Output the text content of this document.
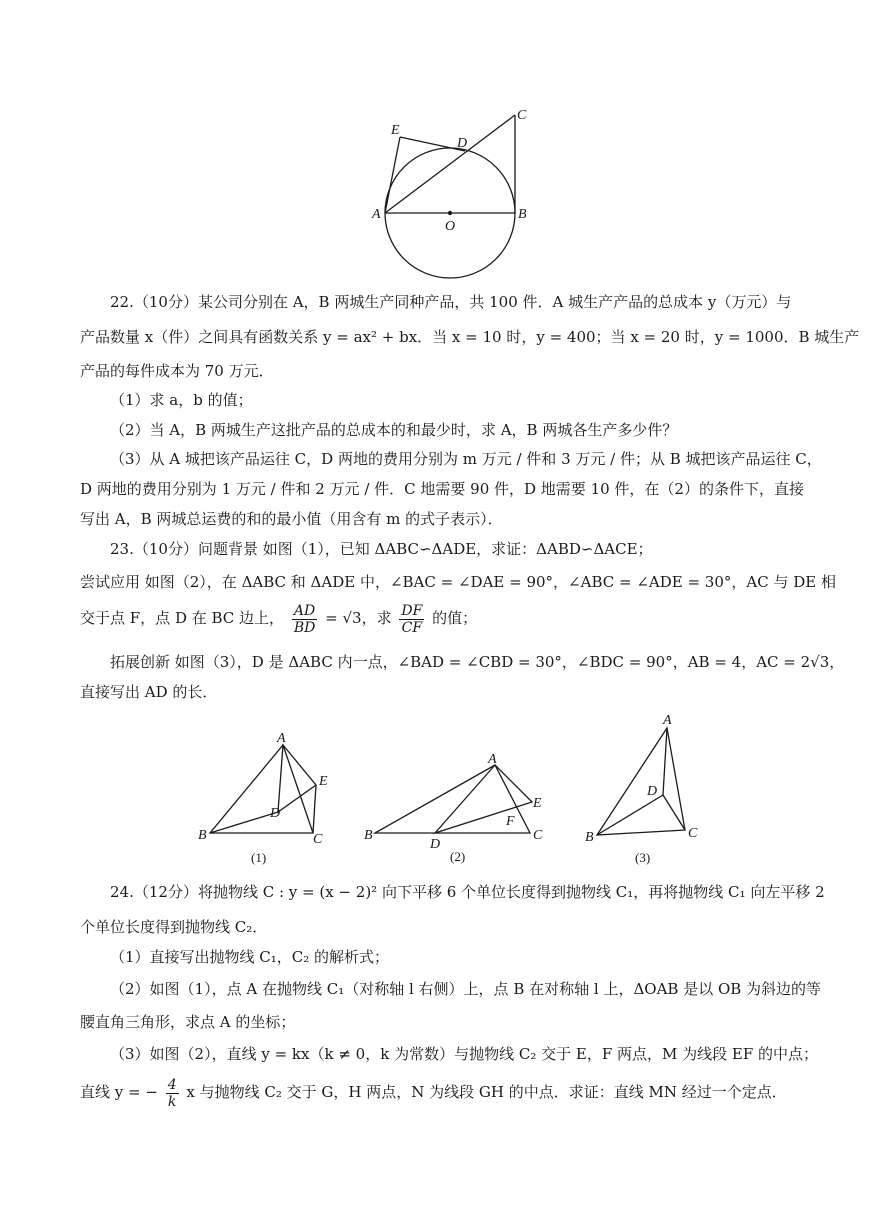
E
D
C
A
O
B
22.（10分）某公司分别在 A，B 两城生产同种产品，共 100 件．A 城生产产品的总成本 y（万元）与
产品数量 x（件）之间具有函数关系 y = ax² + bx．当 x = 10 时，y = 400；当 x = 20 时，y = 1000．B 城生产
产品的每件成本为 70 万元．
（1）求 a，b 的值；
（2）当 A，B 两城生产这批产品的总成本的和最少时，求 A，B 两城各生产多少件？
（3）从 A 城把该产品运往 C，D 两地的费用分别为 m 万元 / 件和 3 万元 / 件；从 B 城把该产品运往 C，
D 两地的费用分别为 1 万元 / 件和 2 万元 / 件．C 地需要 90 件，D 地需要 10 件，在（2）的条件下，直接
写出 A，B 两城总运费的和的最小值（用含有 m 的式子表示）．
23.（10分）问题背景 如图（1），已知 ΔABC∽ΔADE，求证：ΔABD∽ΔACE；
尝试应用 如图（2），在 ΔABC 和 ΔADE 中，∠BAC = ∠DAE = 90°，∠ABC = ∠ADE = 30°，AC 与 DE 相
交于点 F，点 D 在 BC 边上， $\frac{AD}{BD} = √3$，求 $\frac{DF}{CF}$ 的值；
拓展创新 如图（3），D 是 ΔABC 内一点，∠BAD = ∠CBD = 30°，∠BDC = 90°，AB = 4，AC = 2√3，
直接写出 AD 的长．
A
E
D
B	C
(1)
A
E
F
B
D
C
(2)
A
D
B	C
(3)
24.（12分）将抛物线 C : y = (x − 2)² 向下平移 6 个单位长度得到抛物线 C₁，再将抛物线 C₁ 向左平移 2
个单位长度得到抛物线 C₂．
（1）直接写出抛物线 C₁，C₂ 的解析式；
（2）如图（1），点 A 在抛物线 C₁（对称轴 l 右侧）上，点 B 在对称轴 l 上，ΔOAB 是以 OB 为斜边的等
腰直角三角形，求点 A 的坐标；
（3）如图（2），直线 y = kx（k ≠ 0，k 为常数）与抛物线 C₂ 交于 E，F 两点，M 为线段 EF 的中点；
直线 y = − $\frac{4}{k}$ x 与抛物线 C₂ 交于 G，H 两点，N 为线段 GH 的中点．求证：直线 MN 经过一个定点．
